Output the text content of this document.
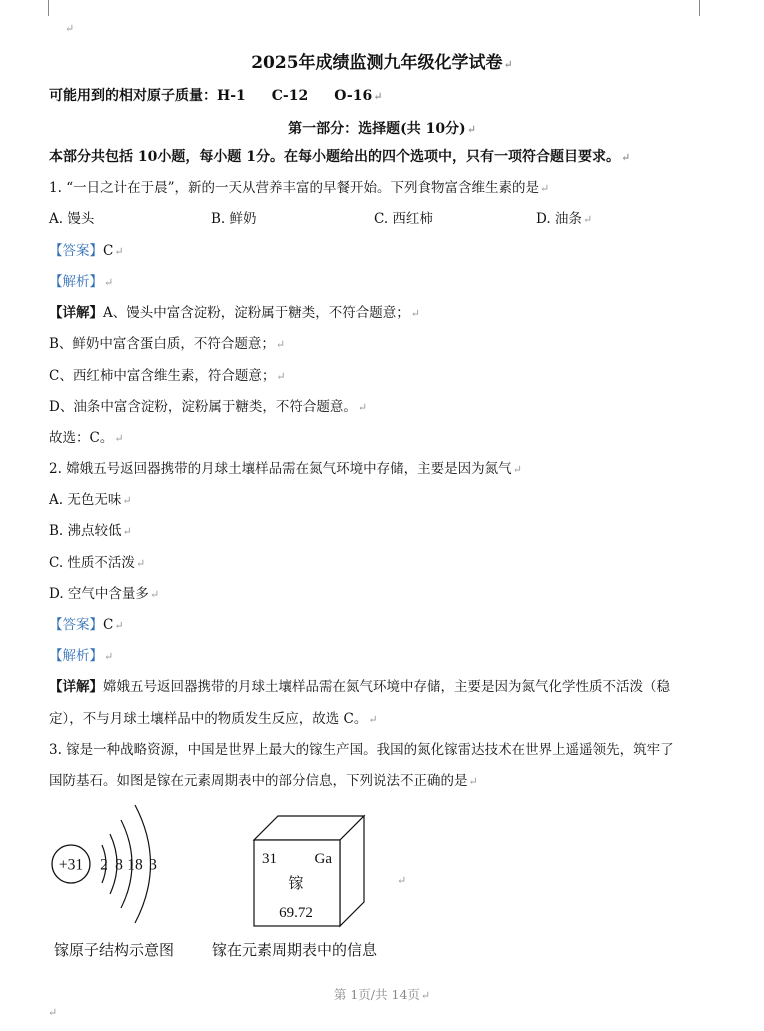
↵
2025年成绩监测九年级化学试卷↵
可能用到的相对原子质量：H-1 C-12 O-16↵
第一部分：选择题(共 10分)↵
本部分共包括 10小题，每小题 1分。在每小题给出的四个选项中，只有一项符合题目要求。↵
1. “一日之计在于晨”，新的一天从营养丰富的早餐开始。下列食物富含维生素的是↵
A. 馒头	B. 鲜奶	C. 西红柿	D. 油条↵
【答案】C↵
【解析】↵
【详解】A、馒头中富含淀粉，淀粉属于糖类，不符合题意；↵
B、鲜奶中富含蛋白质，不符合题意；↵
C、西红柿中富含维生素，符合题意；↵
D、油条中富含淀粉，淀粉属于糖类，不符合题意。↵
故选：C。↵
2. 嫦娥五号返回器携带的月球土壤样品需在氮气环境中存储，主要是因为氮气↵
A. 无色无味↵
B. 沸点较低↵
C. 性质不活泼↵
D. 空气中含量多↵
【答案】C↵
【解析】↵
【详解】嫦娥五号返回器携带的月球土壤样品需在氮气环境中存储，主要是因为氮气化学性质不活泼（稳
定），不与月球土壤样品中的物质发生反应，故选 C。↵
3. 镓是一种战略资源，中国是世界上最大的镓生产国。我国的氮化镓雷达技术在世界上遥遥领先，筑牢了
国防基石。如图是镓在元素周期表中的部分信息，下列说法不正确的是↵
+31 2 8 18 3	31	Ga
镓
69.72
↵
镓原子结构示意图	镓在元素周期表中的信息
第 1页/共 14页↵
↵
